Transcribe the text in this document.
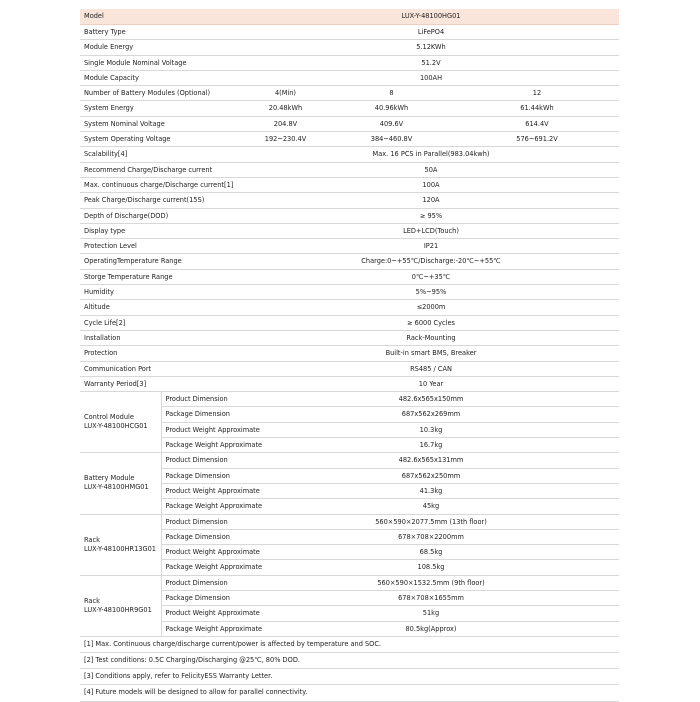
Model		LUX-Y-48100HG01		
Battery Type		LiFePO4		
Module Energy		5.12KWh		
Single Module Nominal Voltage		51.2V		
Module Capacity		100AH		
Number of Battery Modules (Optional)		4(Min)	8	12
System Energy		20.48kWh	40.96kWh	61.44kWh
System Nominal Voltage		204.8V	409.6V	614.4V
System Operating Voltage		192~230.4V	384~460.8V	576~691.2V
Scalability[4]		Max. 16 PCS in Parallel(983.04kwh)		
Recommend Charge/Discharge current		50A		
Max. continuous charge/Discharge current[1]		100A		
Peak Charge/Discharge current(15S)		120A		
Depth of Discharge(DOD)		≥ 95%		
Display type		LED+LCD(Touch)		
Protection Level		IP21		
OperatingTemperature Range		Charge:0~+55℃/Discharge:-20℃~+55℃		
Storge Temperature Range		0℃~+35℃		
Humidity		5%~95%		
Altitude		≤2000m		
Cycle Life[2]		≥ 6000 Cycles		
Installation		Rack-Mounting		
Protection		Built-in smart BMS, Breaker		
Communication Port		RS485 / CAN		
Warranty Period[3]		10 Year		

Control Module
LUX-Y-48100HCG01	Product Dimension	482.6x565x150mm		
	Package Dimension	687x562x269mm		
	Product Weight Approximate	10.3kg		
	Package Weight Approximate	16.7kg		

Battery Module
LUX-Y-48100HMG01	Product Dimension	482.6x565x131mm		
	Package Dimension	687x562x250mm		
	Product Weight Approximate	41.3kg		
	Package Weight Approximate	45kg		

Rack
LUX-Y-48100HR13G01	Product Dimension	560×590×2077.5mm (13th floor)		
	Package Dimension	678×708×2200mm		
	Product Weight Approximate	68.5kg		
	Package Weight Approximate	108.5kg		

Rack
LUX-Y-48100HR9G01	Product Dimension	560×590×1532.5mm (9th floor)		
	Package Dimension	678×708×1655mm		
	Product Weight Approximate	51kg		
	Package Weight Approximate	80.5kg(Approx)		
[1] Max. Continuous charge/discharge current/power is affected by temperature and SOC.
[2] Test conditions: 0.5C Charging/Discharging @25℃, 80% DOD.
[3] Conditions apply, refer to FelicityESS Warranty Letter.
[4] Future models will be designed to allow for parallel connectivity.
